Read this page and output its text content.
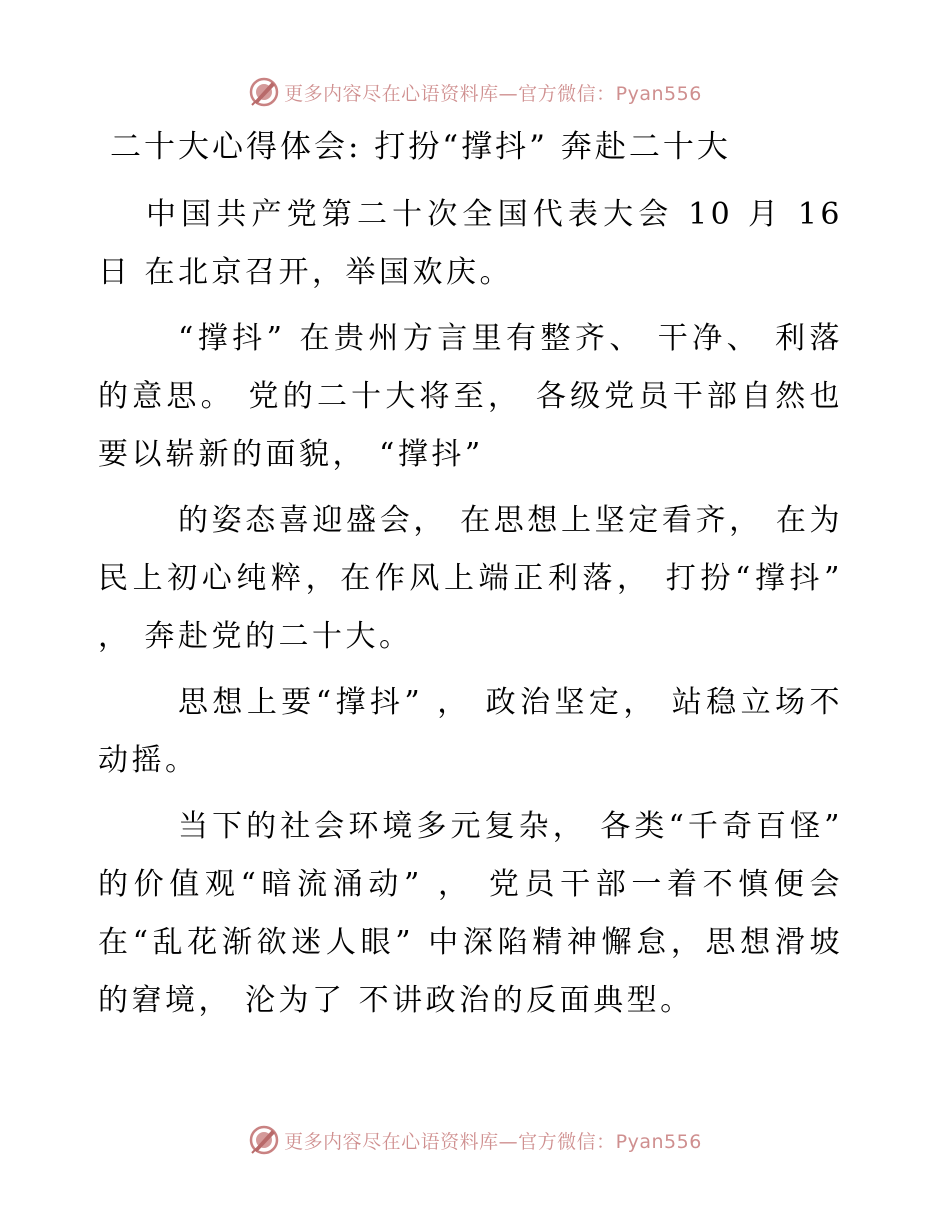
更多内容尽在心语资料库—官方微信：Pyan556
二十大心得体会: 打扮“撑抖” 奔赴二十大

中国共产党第二十次全国代表大会 10 月 16 日 在北京召开，举国欢庆。

“撑抖” 在贵州方言里有整齐、 干净、 利落的意思。 党的二十大将至， 各级党员干部自然也要以崭新的面貌， “撑抖”

的姿态喜迎盛会， 在思想上坚定看齐， 在为民上初心纯粹，在作风上端正利落， 打扮“撑抖” ， 奔赴党的二十大。

思想上要“撑抖” ， 政治坚定， 站稳立场不动摇。

当下的社会环境多元复杂， 各类“千奇百怪” 的价值观“暗流涌动” ， 党员干部一着不慎便会在“乱花渐欲迷人眼” 中深陷精神懈怠，思想滑坡的窘境， 沦为了 不讲政治的反面典型。

更多内容尽在心语资料库—官方微信：Pyan556
